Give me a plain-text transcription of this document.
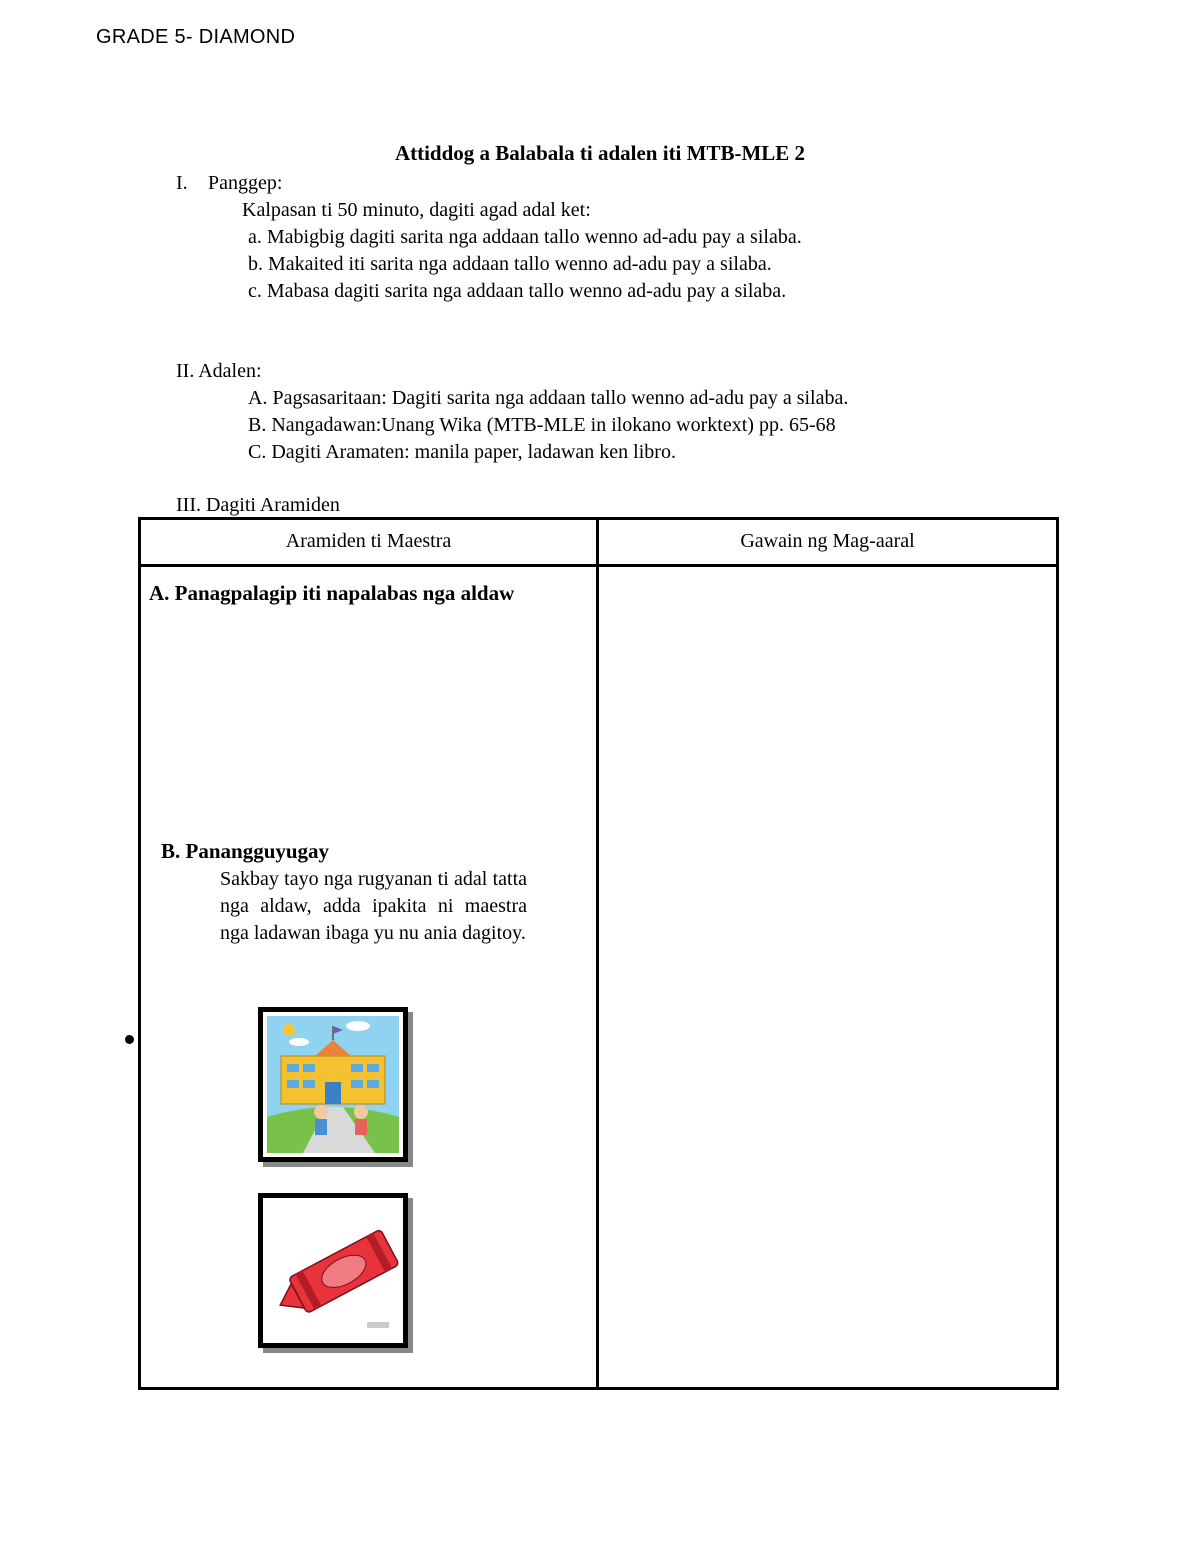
GRADE 5- DIAMOND
Attiddog a Balabala ti adalen iti MTB-MLE 2
I. Panggep:
Kalpasan ti 50 minuto, dagiti agad adal ket:
a. Mabigbig dagiti sarita nga addaan tallo wenno ad-adu pay a silaba.
b. Makaited iti sarita nga addaan tallo wenno ad-adu pay a silaba.
c. Mabasa dagiti sarita nga addaan tallo wenno ad-adu pay a silaba.
II. Adalen:
A. Pagsasaritaan: Dagiti sarita nga addaan tallo wenno ad-adu pay a silaba.
B. Nangadawan:Unang Wika (MTB-MLE in ilokano worktext) pp. 65-68
C. Dagiti Aramaten: manila paper, ladawan ken libro.
III. Dagiti Aramiden
Aramiden ti Maestra	Gawain ng Mag-aaral
A. Panagpalagip iti napalabas nga aldaw
B. Panangguyugay
Sakbay tayo nga rugyanan ti adal tatta nga aldaw, adda ipakita ni maestra nga ladawan ibaga yu nu ania dagitoy.
